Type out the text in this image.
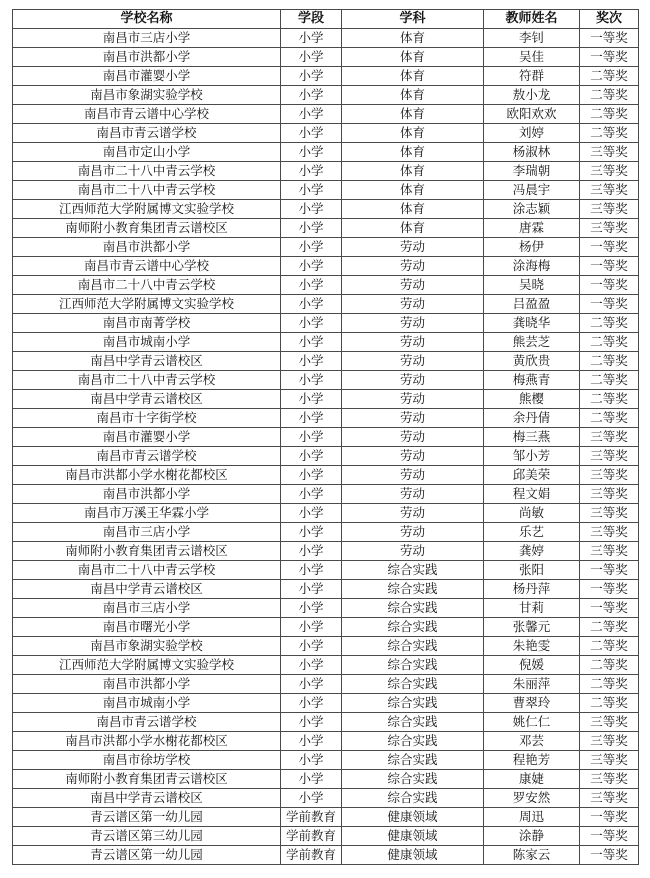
学校名称	学段	学科	教师姓名	奖次
南昌市三店小学	小学	体育	李钊	一等奖
南昌市洪都小学	小学	体育	吴佳	一等奖
南昌市灌婴小学	小学	体育	符群	二等奖
南昌市象湖实验学校	小学	体育	敖小龙	二等奖
南昌市青云谱中心学校	小学	体育	欧阳欢欢	二等奖
南昌市青云谱学校	小学	体育	刘婷	二等奖
南昌市定山小学	小学	体育	杨淑林	三等奖
南昌市二十八中青云学校	小学	体育	李瑞朝	三等奖
南昌市二十八中青云学校	小学	体育	冯晨宇	三等奖
江西师范大学附属博文实验学校	小学	体育	涂志颖	三等奖
南师附小教育集团青云谱校区	小学	体育	唐霖	三等奖
南昌市洪都小学	小学	劳动	杨伊	一等奖
南昌市青云谱中心学校	小学	劳动	涂海梅	一等奖
南昌市二十八中青云学校	小学	劳动	吴晓	一等奖
江西师范大学附属博文实验学校	小学	劳动	吕盈盈	一等奖
南昌市南菁学校	小学	劳动	龚晓华	二等奖
南昌市城南小学	小学	劳动	熊芸芝	二等奖
南昌中学青云谱校区	小学	劳动	黄欣贵	二等奖
南昌市二十八中青云学校	小学	劳动	梅燕青	二等奖
南昌中学青云谱校区	小学	劳动	熊樱	二等奖
南昌市十字街学校	小学	劳动	余丹倩	二等奖
南昌市灌婴小学	小学	劳动	梅三燕	三等奖
南昌市青云谱学校	小学	劳动	邹小芳	三等奖
南昌市洪都小学水榭花都校区	小学	劳动	邱美荣	三等奖
南昌市洪都小学	小学	劳动	程文娟	三等奖
南昌市万溪王华霖小学	小学	劳动	尚敏	三等奖
南昌市三店小学	小学	劳动	乐艺	三等奖
南师附小教育集团青云谱校区	小学	劳动	龚婷	三等奖
南昌市二十八中青云学校	小学	综合实践	张阳	一等奖
南昌中学青云谱校区	小学	综合实践	杨丹萍	一等奖
南昌市三店小学	小学	综合实践	甘莉	一等奖
南昌市曙光小学	小学	综合实践	张馨元	二等奖
南昌市象湖实验学校	小学	综合实践	朱艳雯	二等奖
江西师范大学附属博文实验学校	小学	综合实践	倪媛	二等奖
南昌市洪都小学	小学	综合实践	朱丽萍	二等奖
南昌市城南小学	小学	综合实践	曹翠玲	二等奖
南昌市青云谱学校	小学	综合实践	姚仁仁	三等奖
南昌市洪都小学水榭花都校区	小学	综合实践	邓芸	三等奖
南昌市徐坊学校	小学	综合实践	程艳芳	三等奖
南师附小教育集团青云谱校区	小学	综合实践	康婕	三等奖
南昌中学青云谱校区	小学	综合实践	罗安然	三等奖
青云谱区第一幼儿园	学前教育	健康领域	周迅	一等奖
青云谱区第三幼儿园	学前教育	健康领域	涂静	一等奖
青云谱区第一幼儿园	学前教育	健康领域	陈家云	一等奖
